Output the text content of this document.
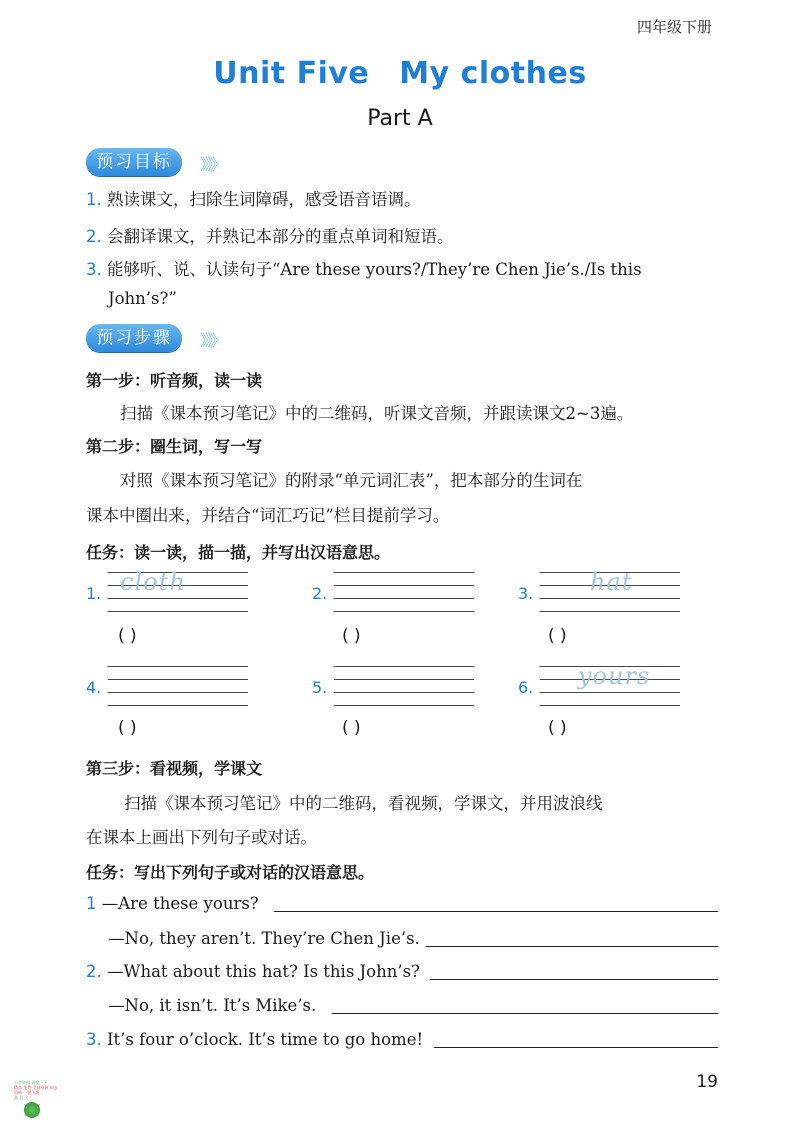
四年级下册
Unit Five My clothes
Part A
预习目标	》》》
1. 熟读课文，扫除生词障碍，感受语音语调。
2. 会翻译课文，并熟记本部分的重点单词和短语。
3. 能够听、说、认读句子“Are these yours?/They’re Chen Jie’s./Is this
John’s?”
预习步骤	》》》
第一步：听音频，读一读
扫描《课本预习笔记》中的二维码，听课文音频，并跟读课文2~3遍。
第二步：圈生词，写一写
对照《课本预习笔记》的附录“单元词汇表”，把本部分的生词在
课本中圈出来，并结合“词汇巧记”栏目提前学习。
任务：读一读，描一描，并写出汉语意思。
1. cloth
( )
2.
( )
3. hat
( )
4.
( )
5.
( )
6. yours
( )
第三步：看视频，学课文
扫描《课本预习笔记》中的二维码，看视频，学课文，并用波浪线
在课本上画出下列句子或对话。
任务：写出下列句子或对话的汉语意思。
1 —Are these yours?
—No, they aren’t. They’re Chen Jie’s.
2. —What about this hat? Is this John’s?
—No, it isn’t. It’s Mike’s.
3. It’s four o’clock. It’s time to go home!
小学资料 百度一下
精品 免费 全网资源 同步资料 一键下载
品 名 大
19
